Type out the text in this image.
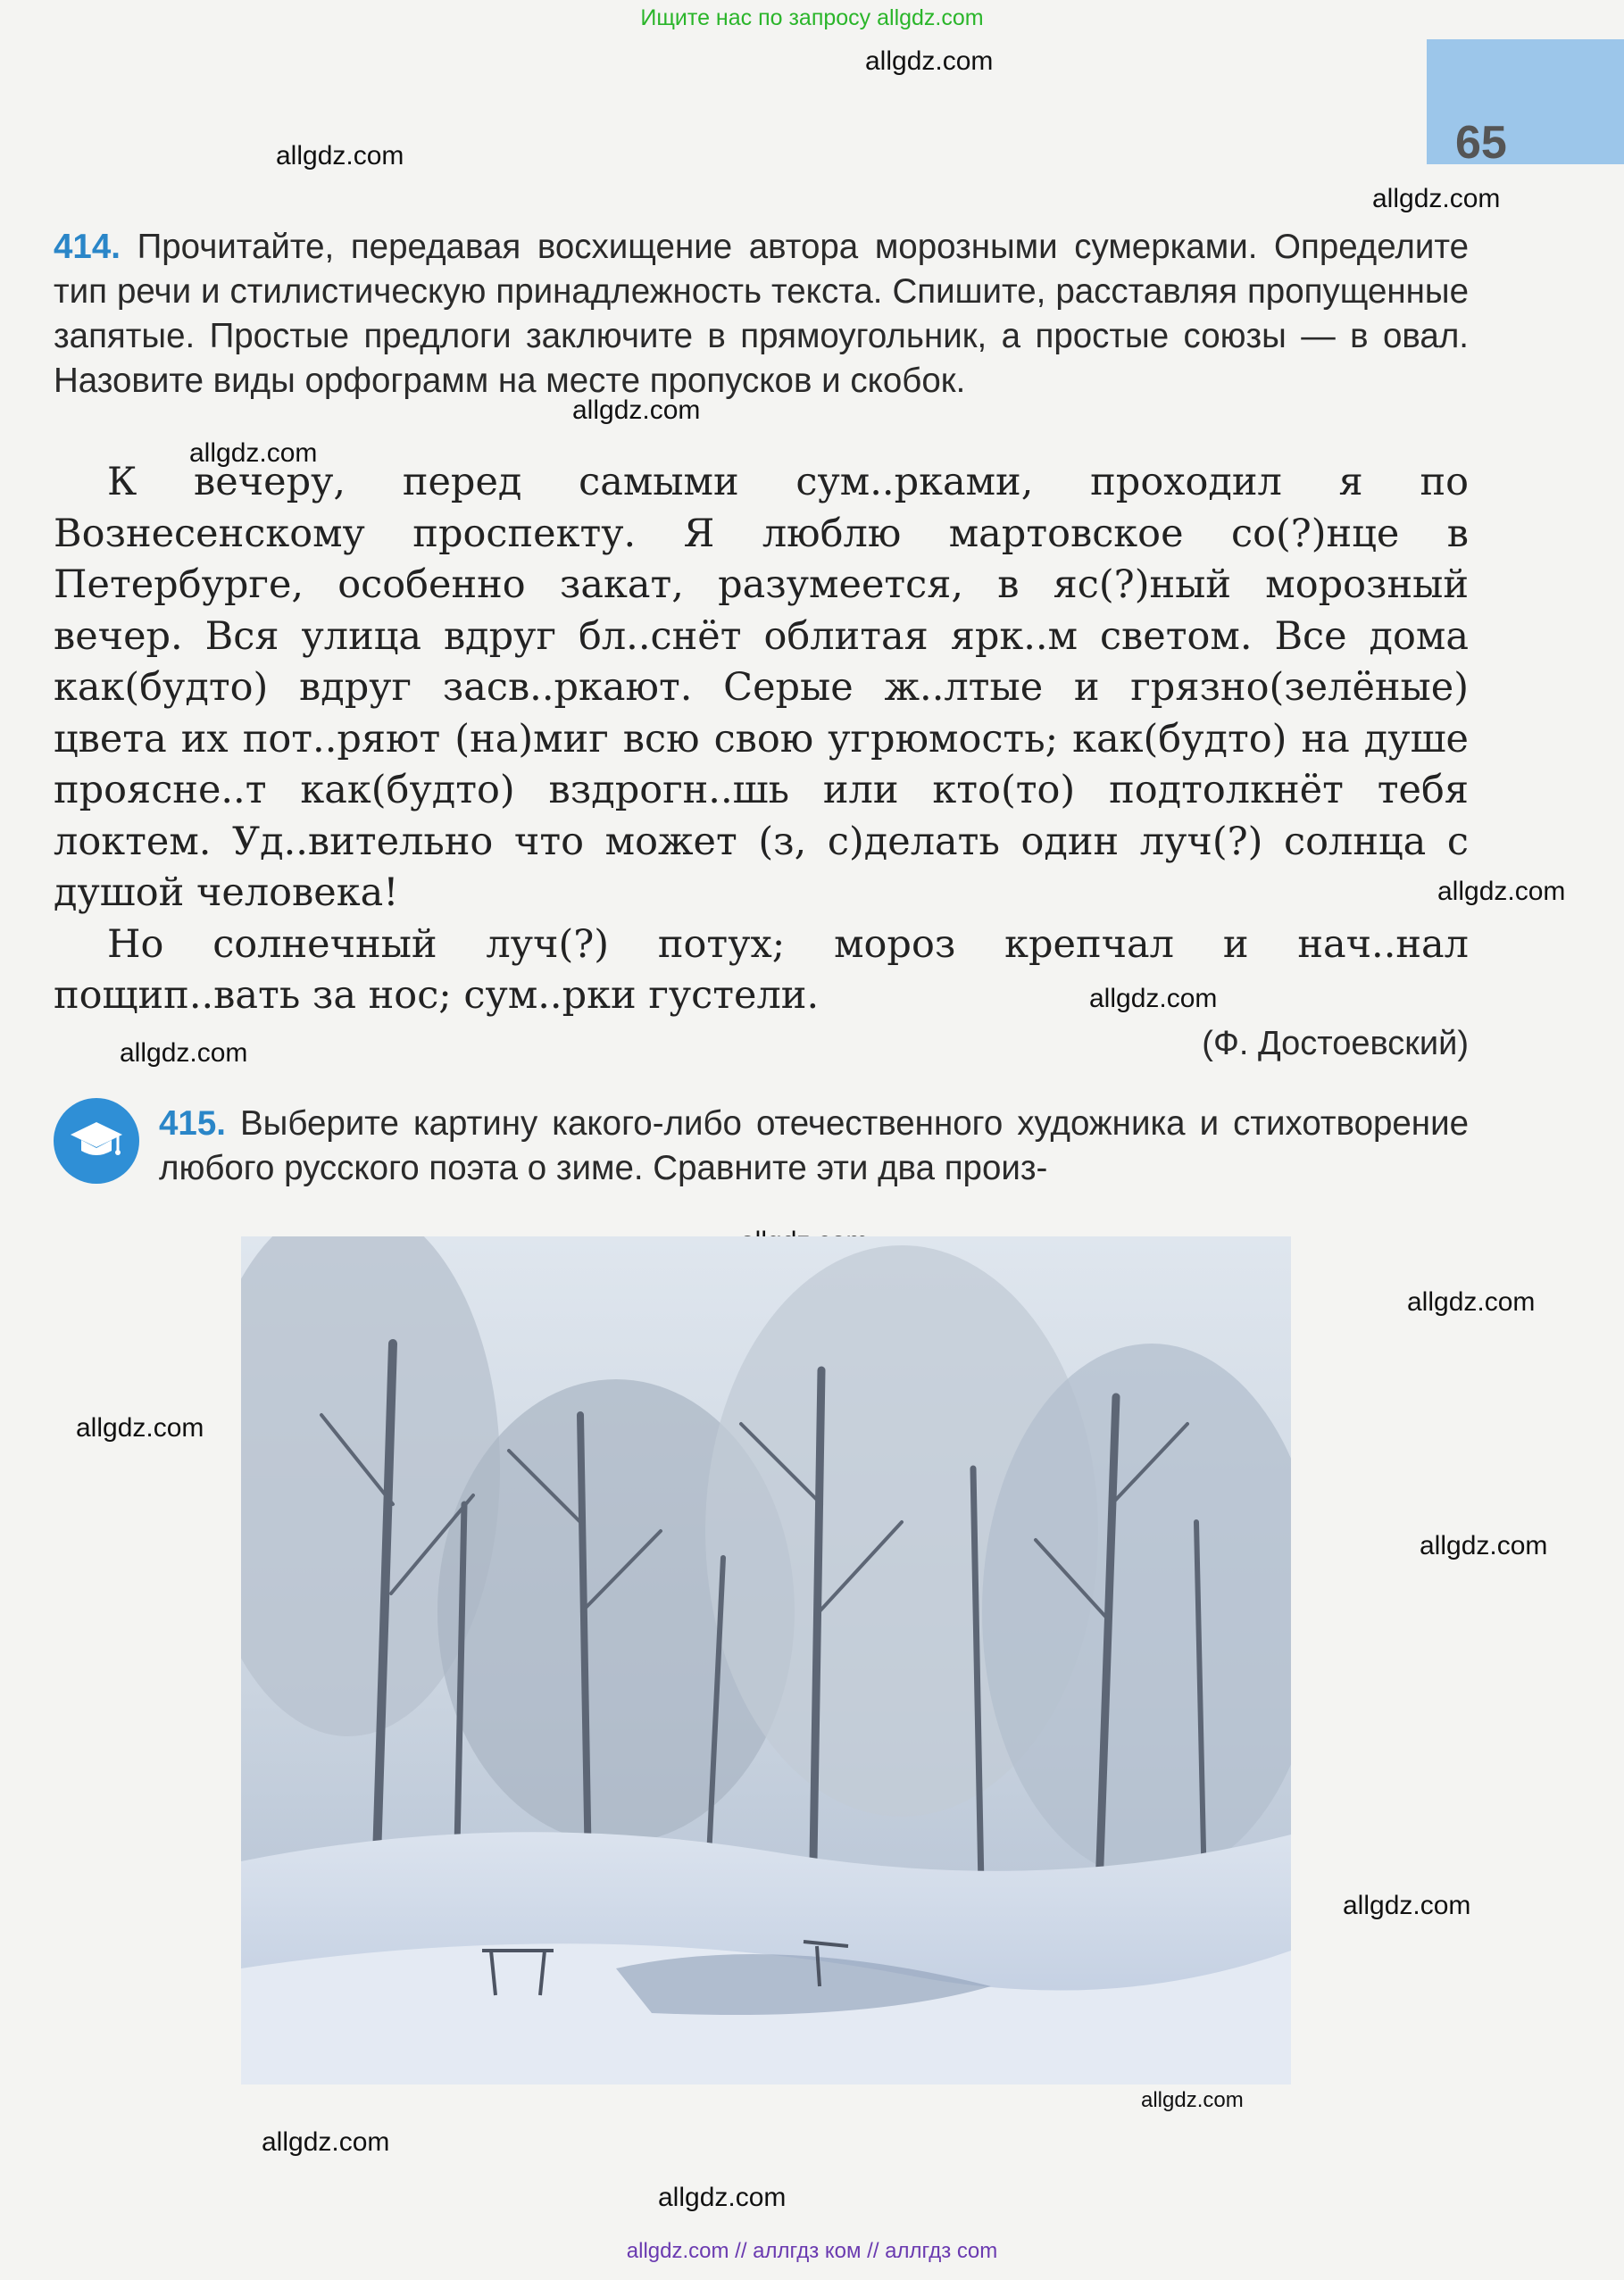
Ищите нас по запросу allgdz.com
65
allgdz.com
allgdz.com
allgdz.com
allgdz.com
allgdz.com
allgdz.com
allgdz.com
allgdz.com
allgdz.com
allgdz.com
allgdz.com
allgdz.com
allgdz.com
allgdz.com
allgdz.com
414. Прочитайте, передавая восхищение автора морозными сумерками. Определите тип речи и стилистическую принадлежность текста. Спишите, расставляя пропущенные запятые. Простые предлоги заключите в прямоугольник, а простые союзы — в овал. Назовите виды орфограмм на месте пропусков и скобок.

К вечеру, перед самыми сум..рками, проходил я по Вознесенскому проспекту. Я люблю мартовское со(?)нце в Петербурге, особенно закат, разумеется, в яс(?)ный морозный вечер. Вся улица вдруг бл..снёт облитая ярк..м светом. Все дома как(будто) вдруг засв..ркают. Серые ж..лтые и грязно(зелёные) цвета их пот..ряют (на)миг всю свою угрюмость; как(будто) на душе проясне..т как(будто) вздрогн..шь или кто(то) подтолкнёт тебя локтем. Уд..вительно что может (з, с)делать один луч(?) солнца с душой человека!

Но солнечный луч(?) потух; мороз крепчал и нач..нал пощип..вать за нос; сум..рки густели.

(Ф. Достоевский)
415. Выберите картину какого-либо отечественного художника и стихотворение любого русского поэта о зиме. Сравните эти два произ-
allgdz.com // аллгдз ком // аллгдз com
